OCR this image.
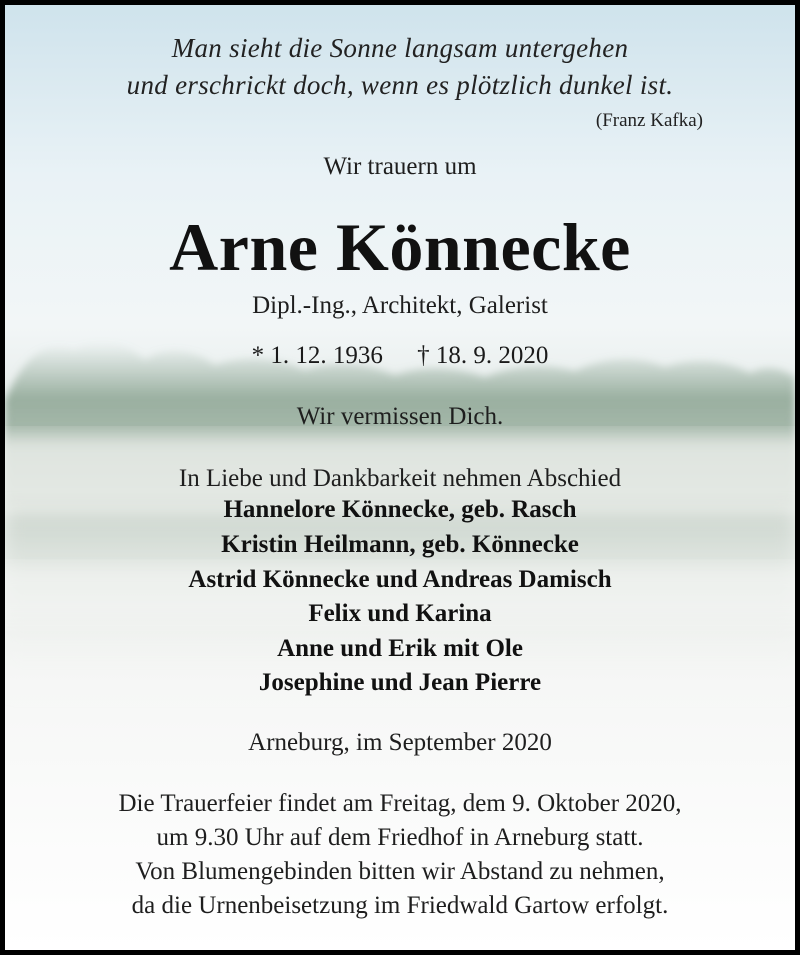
Man sieht die Sonne langsam untergehen
und erschrickt doch, wenn es plötzlich dunkel ist.
(Franz Kafka)
Wir trauern um
Arne Könnecke
Dipl.-Ing., Architekt, Galerist
* 1. 12. 1936 † 18. 9. 2020
Wir vermissen Dich.
In Liebe und Dankbarkeit nehmen Abschied
Hannelore Könnecke, geb. Rasch
Kristin Heilmann, geb. Könnecke
Astrid Könnecke und Andreas Damisch
Felix und Karina
Anne und Erik mit Ole
Josephine und Jean Pierre
Arneburg, im September 2020
Die Trauerfeier findet am Freitag, dem 9. Oktober 2020,
um 9.30 Uhr auf dem Friedhof in Arneburg statt.
Von Blumengebinden bitten wir Abstand zu nehmen,
da die Urnenbeisetzung im Friedwald Gartow erfolgt.
